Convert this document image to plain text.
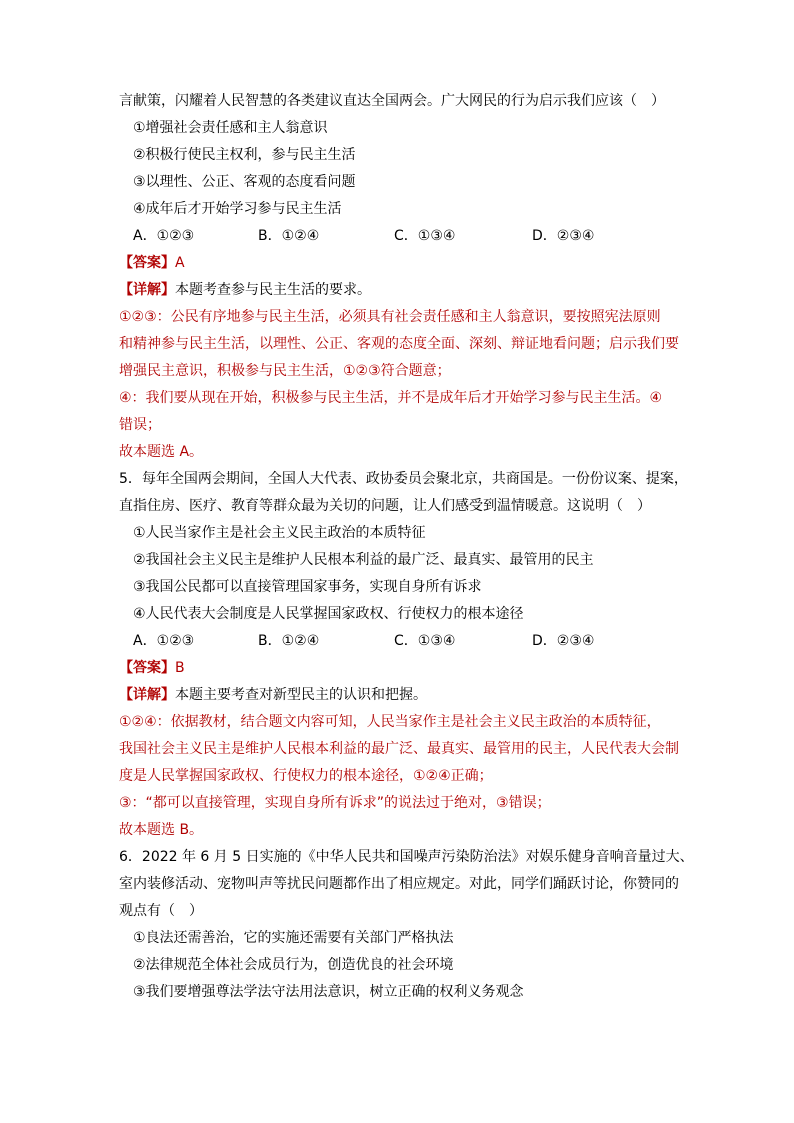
言献策，闪耀着人民智慧的各类建议直达全国两会。广大网民的行为启示我们应该（　）
①增强社会责任感和主人翁意识
②积极行使民主权利，参与民主生活
③以理性、公正、客观的态度看问题
④成年后才开始学习参与民主生活
A．①②③	B．①②④	C．①③④	D．②③④
【答案】A
【详解】本题考查参与民主生活的要求。
①②③：公民有序地参与民主生活，必须具有社会责任感和主人翁意识，要按照宪法原则
和精神参与民主生活，以理性、公正、客观的态度全面、深刻、辩证地看问题；启示我们要
增强民主意识，积极参与民主生活，①②③符合题意；
④：我们要从现在开始，积极参与民主生活，并不是成年后才开始学习参与民主生活。④
错误；
故本题选 A。
5．每年全国两会期间，全国人大代表、政协委员会聚北京，共商国是。一份份议案、提案，
直指住房、医疗、教育等群众最为关切的问题，让人们感受到温情暖意。这说明（　）
①人民当家作主是社会主义民主政治的本质特征
②我国社会主义民主是维护人民根本利益的最广泛、最真实、最管用的民主
③我国公民都可以直接管理国家事务，实现自身所有诉求
④人民代表大会制度是人民掌握国家政权、行使权力的根本途径
A．①②③	B．①②④	C．①③④	D．②③④
【答案】B
【详解】本题主要考查对新型民主的认识和把握。
①②④：依据教材，结合题文内容可知，人民当家作主是社会主义民主政治的本质特征，
我国社会主义民主是维护人民根本利益的最广泛、最真实、最管用的民主，人民代表大会制
度是人民掌握国家政权、行使权力的根本途径，①②④正确；
③：“都可以直接管理，实现自身所有诉求”的说法过于绝对，③错误；
故本题选 B。
6．2022 年 6 月 5 日实施的《中华人民共和国噪声污染防治法》对娱乐健身音响音量过大、
室内装修活动、宠物叫声等扰民问题都作出了相应规定。对此，同学们踊跃讨论，你赞同的
观点有（　）
①良法还需善治，它的实施还需要有关部门严格执法
②法律规范全体社会成员行为，创造优良的社会环境
③我们要增强尊法学法守法用法意识，树立正确的权利义务观念
